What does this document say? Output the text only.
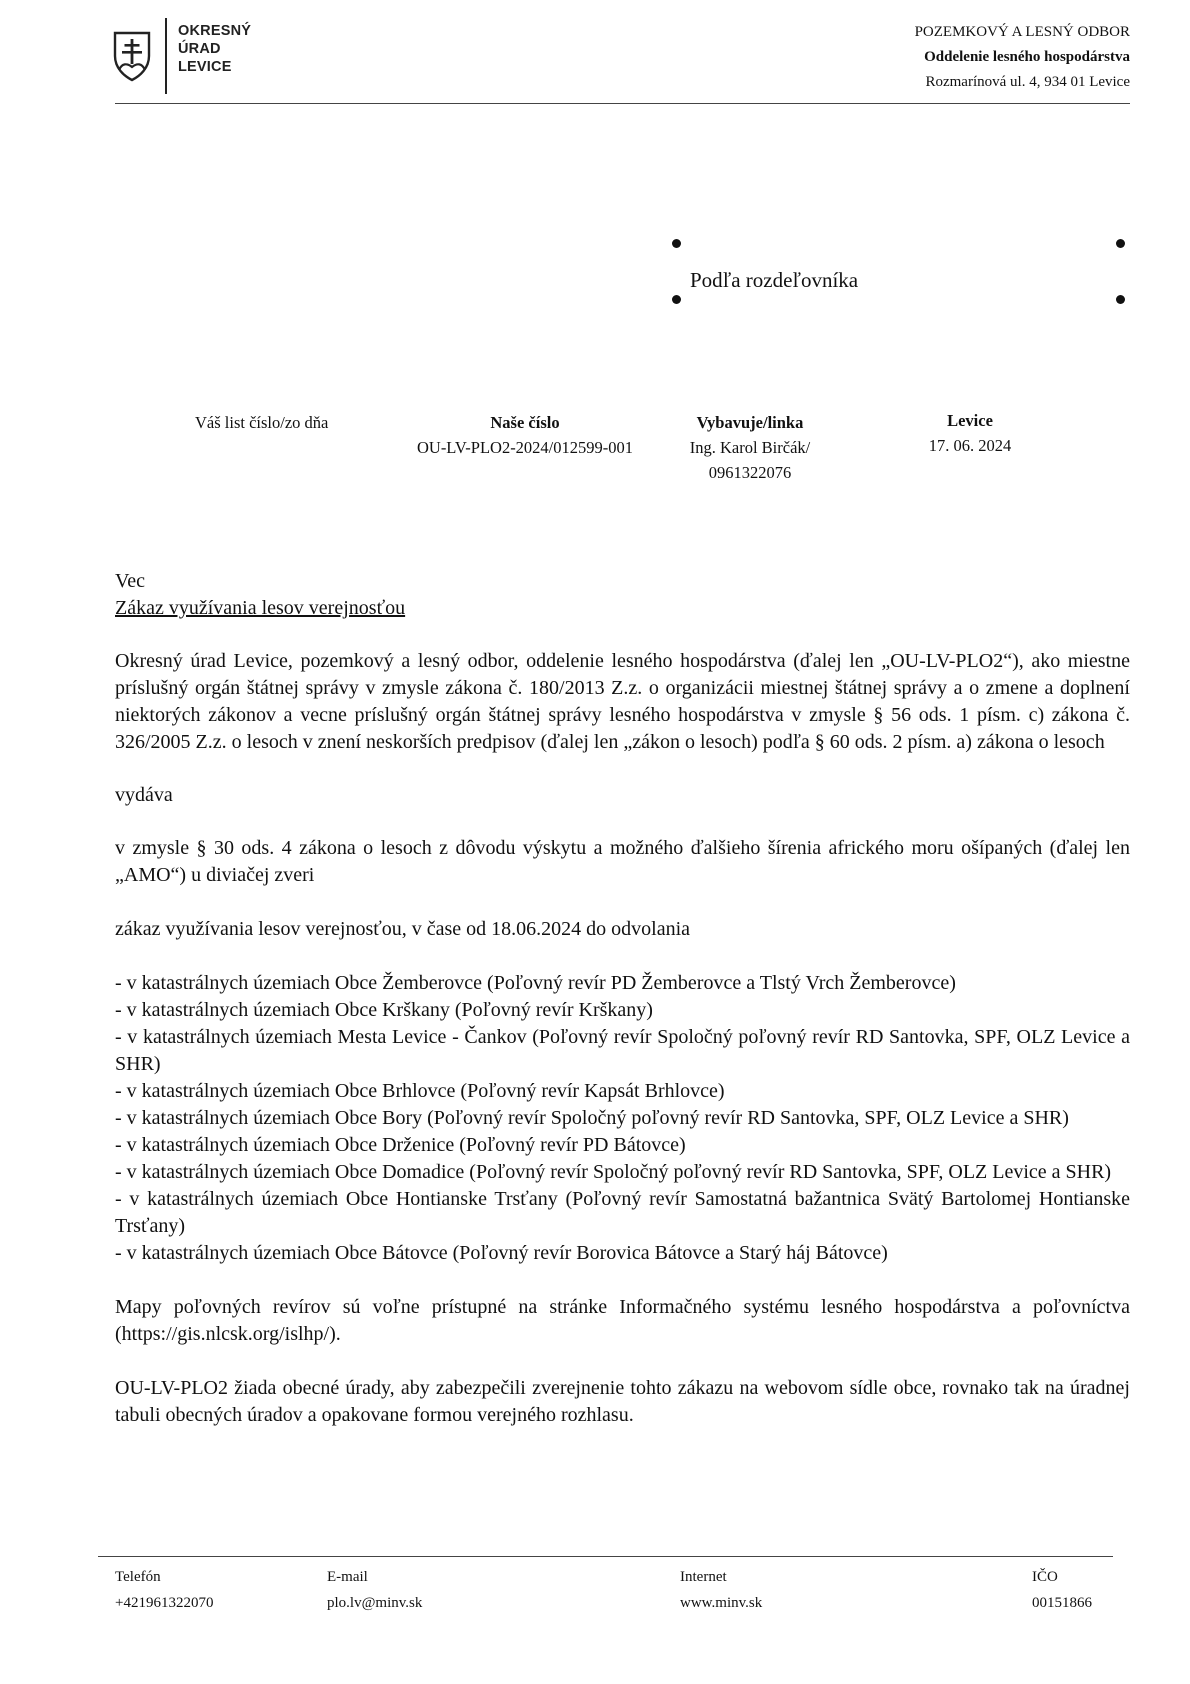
OKRESNÝ
ÚRAD
LEVICE
POZEMKOVÝ A LESNÝ ODBOR
Oddelenie lesného hospodárstva
Rozmarínová ul. 4, 934 01 Levice
Podľa rozdeľovníka
Váš list číslo/zo dňa	Naše číslo
OU-LV-PLO2-2024/012599-001
Vybavuje/linka
Ing. Karol Birčák/
0961322076
Levice
17. 06. 2024

Vec

Zákaz využívania lesov verejnosťou

Okresný úrad Levice, pozemkový a lesný odbor, oddelenie lesného hospodárstva (ďalej len „OU-LV-PLO2“), ako miestne príslušný orgán štátnej správy v zmysle zákona č. 180/2013 Z.z. o organizácii miestnej štátnej správy a o zmene a doplnení niektorých zákonov a vecne príslušný orgán štátnej správy lesného hospodárstva v zmysle § 56 ods. 1 písm. c) zákona č. 326/2005 Z.z. o lesoch v znení neskorších predpisov (ďalej len „zákon o lesoch) podľa § 60 ods. 2 písm. a) zákona o lesoch

vydáva

v zmysle § 30 ods. 4 zákona o lesoch z dôvodu výskytu a možného ďalšieho šírenia afrického moru ošípaných (ďalej len „AMO“) u diviačej zveri

zákaz využívania lesov verejnosťou, v čase od 18.06.2024 do odvolania

- v katastrálnych územiach Obce Žemberovce (Poľovný revír PD Žemberovce a Tlstý Vrch Žemberovce)

- v katastrálnych územiach Obce Krškany (Poľovný revír Krškany)

- v katastrálnych územiach Mesta Levice - Čankov (Poľovný revír Spoločný poľovný revír RD Santovka, SPF, OLZ Levice a SHR)

- v katastrálnych územiach Obce Brhlovce (Poľovný revír Kapsát Brhlovce)

- v katastrálnych územiach Obce Bory (Poľovný revír Spoločný poľovný revír RD Santovka, SPF, OLZ Levice a SHR)

- v katastrálnych územiach Obce Drženice (Poľovný revír PD Bátovce)

- v katastrálnych územiach Obce Domadice (Poľovný revír Spoločný poľovný revír RD Santovka, SPF, OLZ Levice a SHR)

- v katastrálnych územiach Obce Hontianske Trsťany (Poľovný revír Samostatná bažantnica Svätý Bartolomej Hontianske Trsťany)

- v katastrálnych územiach Obce Bátovce (Poľovný revír Borovica Bátovce a Starý háj Bátovce)

Mapy poľovných revírov sú voľne prístupné na stránke Informačného systému lesného hospodárstva a poľovníctva (https://gis.nlcsk.org/islhp/).

OU-LV-PLO2 žiada obecné úrady, aby zabezpečili zverejnenie tohto zákazu na webovom sídle obce, rovnako tak na úradnej tabuli obecných úradov a opakovane formou verejného rozhlasu.

Telefón
+421961322070
E-mail
plo.lv@minv.sk
Internet
www.minv.sk
IČO
00151866
